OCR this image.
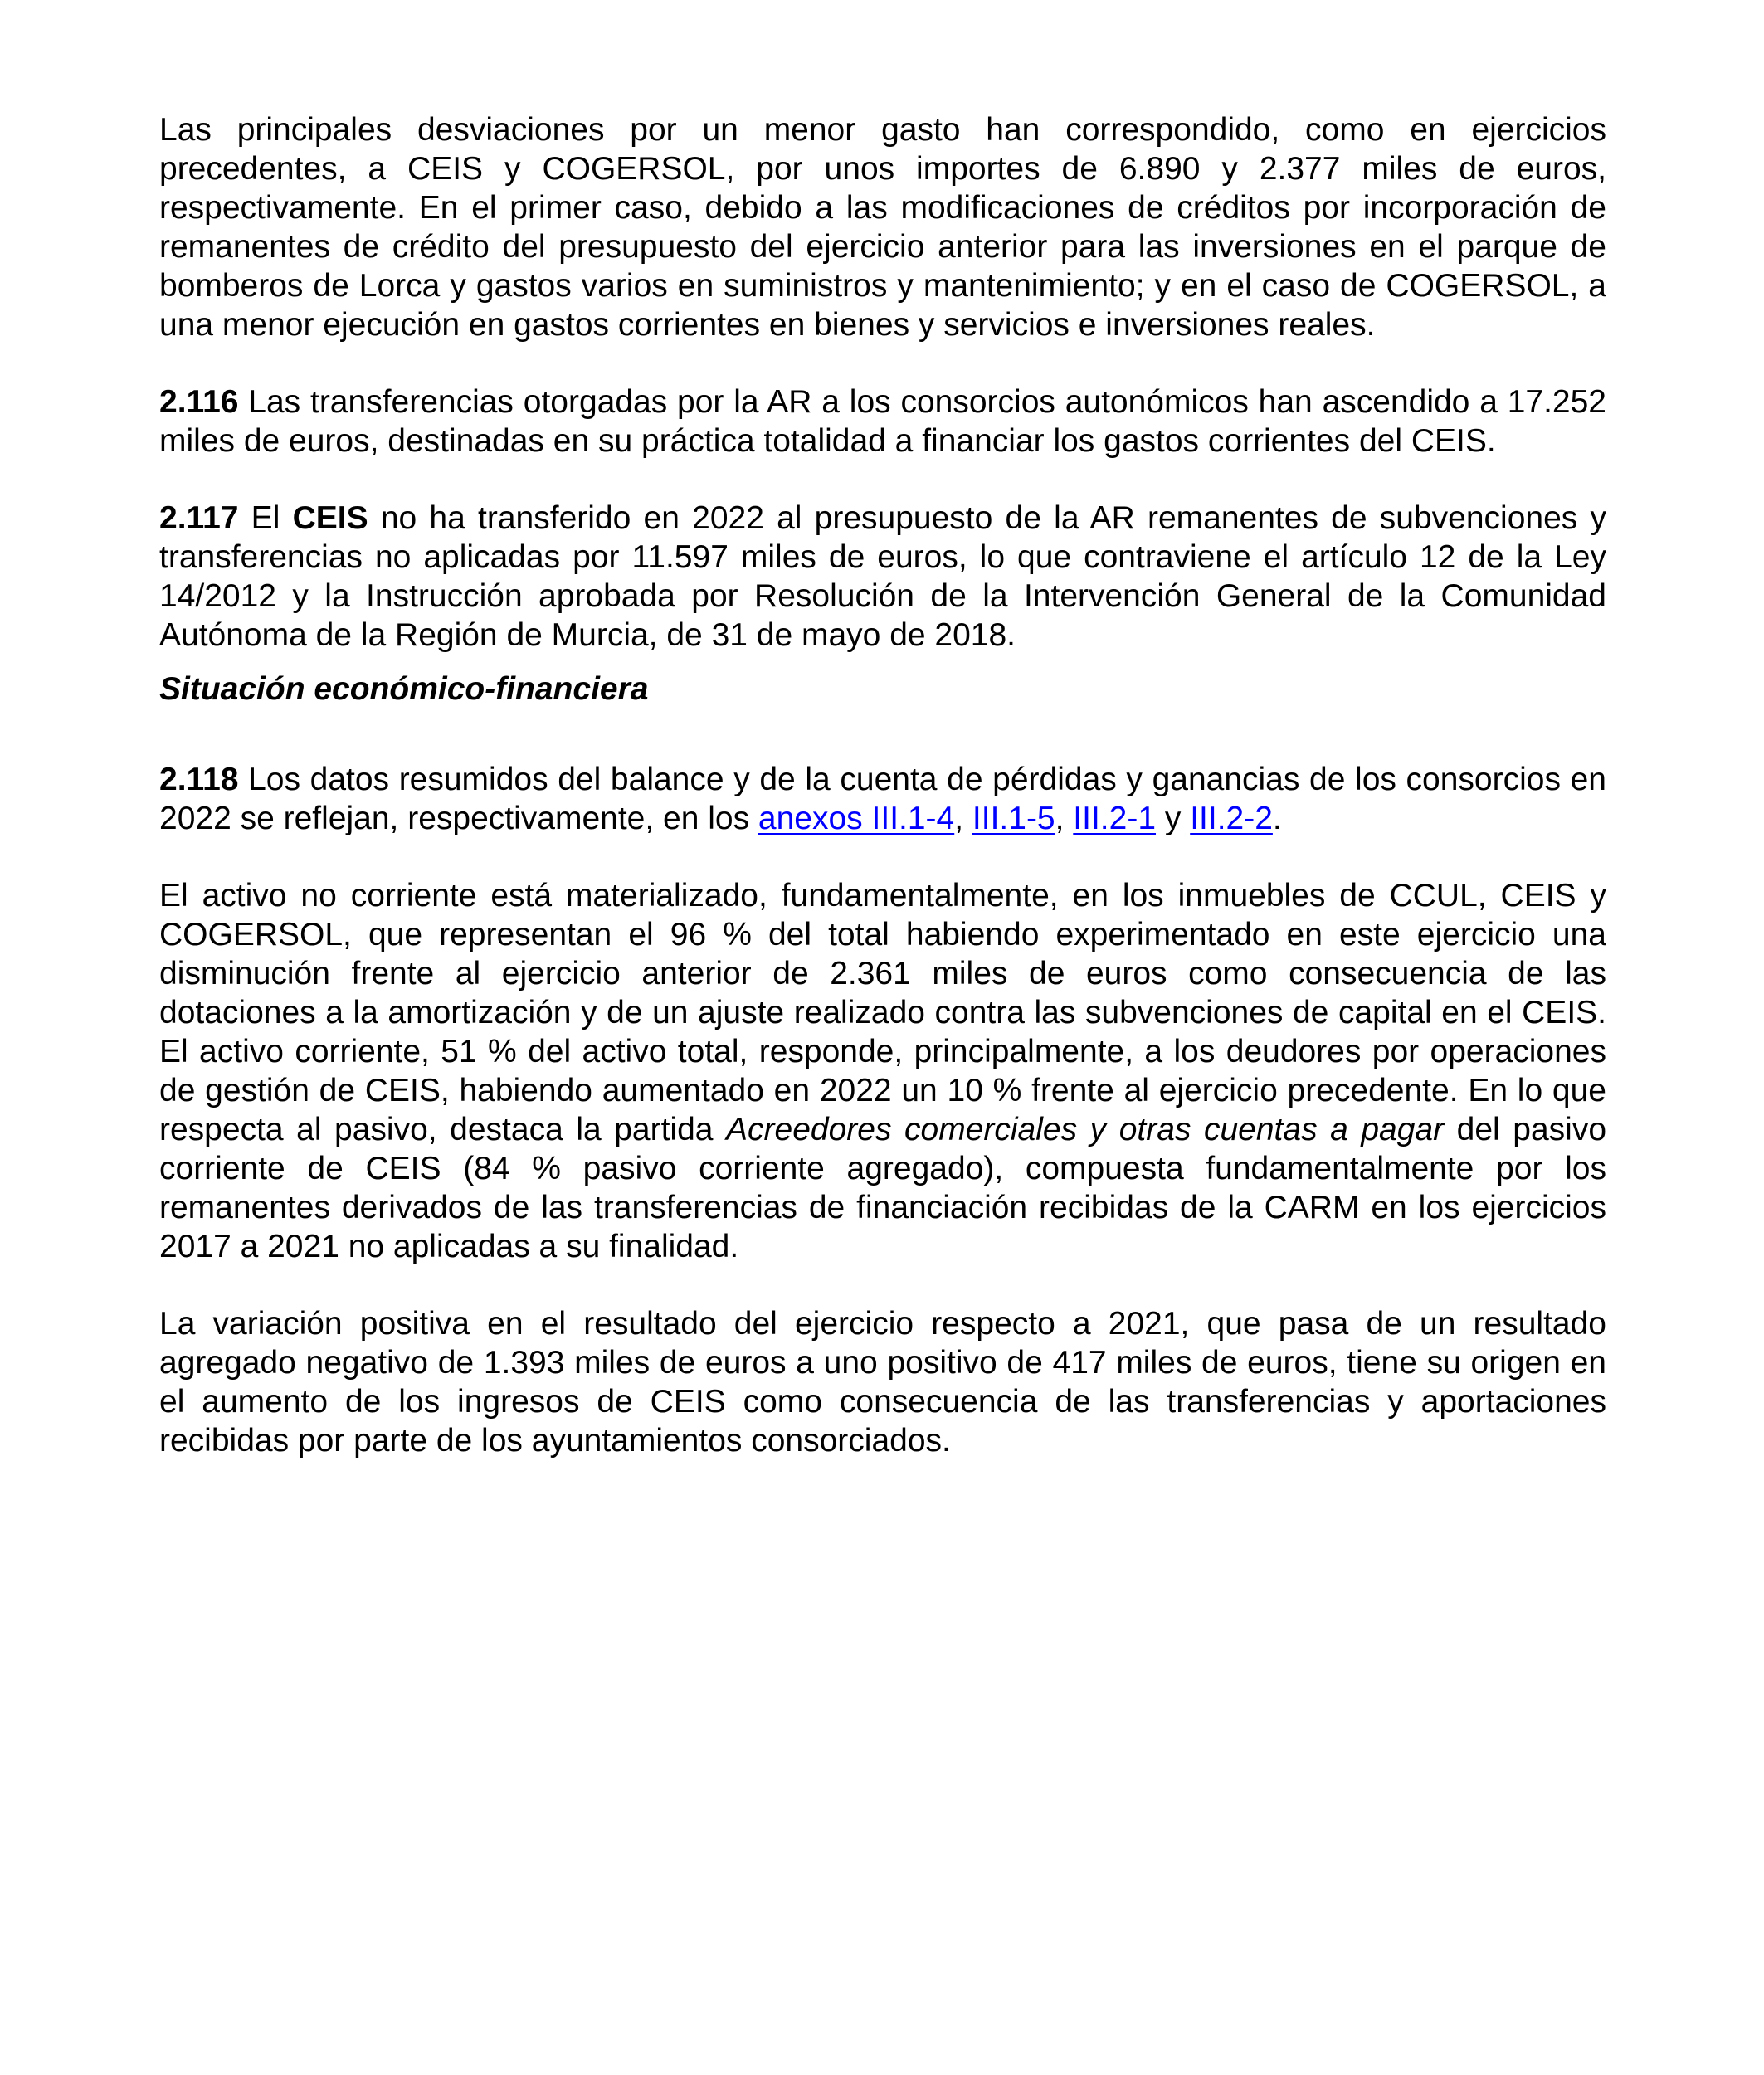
Las principales desviaciones por un menor gasto han correspondido, como en ejercicios precedentes, a CEIS y COGERSOL, por unos importes de 6.890 y 2.377 miles de euros, respectivamente. En el primer caso, debido a las modificaciones de créditos por incorporación de remanentes de crédito del presupuesto del ejercicio anterior para las inversiones en el parque de bomberos de Lorca y gastos varios en suministros y mantenimiento; y en el caso de COGERSOL, a una menor ejecución en gastos corrientes en bienes y servicios e inversiones reales.

2.116 Las transferencias otorgadas por la AR a los consorcios autonómicos han ascendido a 17.252 miles de euros, destinadas en su práctica totalidad a financiar los gastos corrientes del CEIS.

2.117 El CEIS no ha transferido en 2022 al presupuesto de la AR remanentes de subvenciones y transferencias no aplicadas por 11.597 miles de euros, lo que contraviene el artículo 12 de la Ley 14/2012 y la Instrucción aprobada por Resolución de la Intervención General de la Comunidad Autónoma de la Región de Murcia, de 31 de mayo de 2018.

Situación económico-financiera

2.118 Los datos resumidos del balance y de la cuenta de pérdidas y ganancias de los consorcios en 2022 se reflejan, respectivamente, en los anexos III.1-4, III.1-5, III.2-1 y III.2-2.

El activo no corriente está materializado, fundamentalmente, en los inmuebles de CCUL, CEIS y COGERSOL, que representan el 96 % del total habiendo experimentado en este ejercicio una disminución frente al ejercicio anterior de 2.361 miles de euros como consecuencia de las dotaciones a la amortización y de un ajuste realizado contra las subvenciones de capital en el CEIS. El activo corriente, 51 % del activo total, responde, principalmente, a los deudores por operaciones de gestión de CEIS, habiendo aumentado en 2022 un 10 % frente al ejercicio precedente. En lo que respecta al pasivo, destaca la partida Acreedores comerciales y otras cuentas a pagar del pasivo corriente de CEIS (84 % pasivo corriente agregado), compuesta fundamentalmente por los remanentes derivados de las transferencias de financiación recibidas de la CARM en los ejercicios 2017 a 2021 no aplicadas a su finalidad.

La variación positiva en el resultado del ejercicio respecto a 2021, que pasa de un resultado agregado negativo de 1.393 miles de euros a uno positivo de 417 miles de euros, tiene su origen en el aumento de los ingresos de CEIS como consecuencia de las transferencias y aportaciones recibidas por parte de los ayuntamientos consorciados.
